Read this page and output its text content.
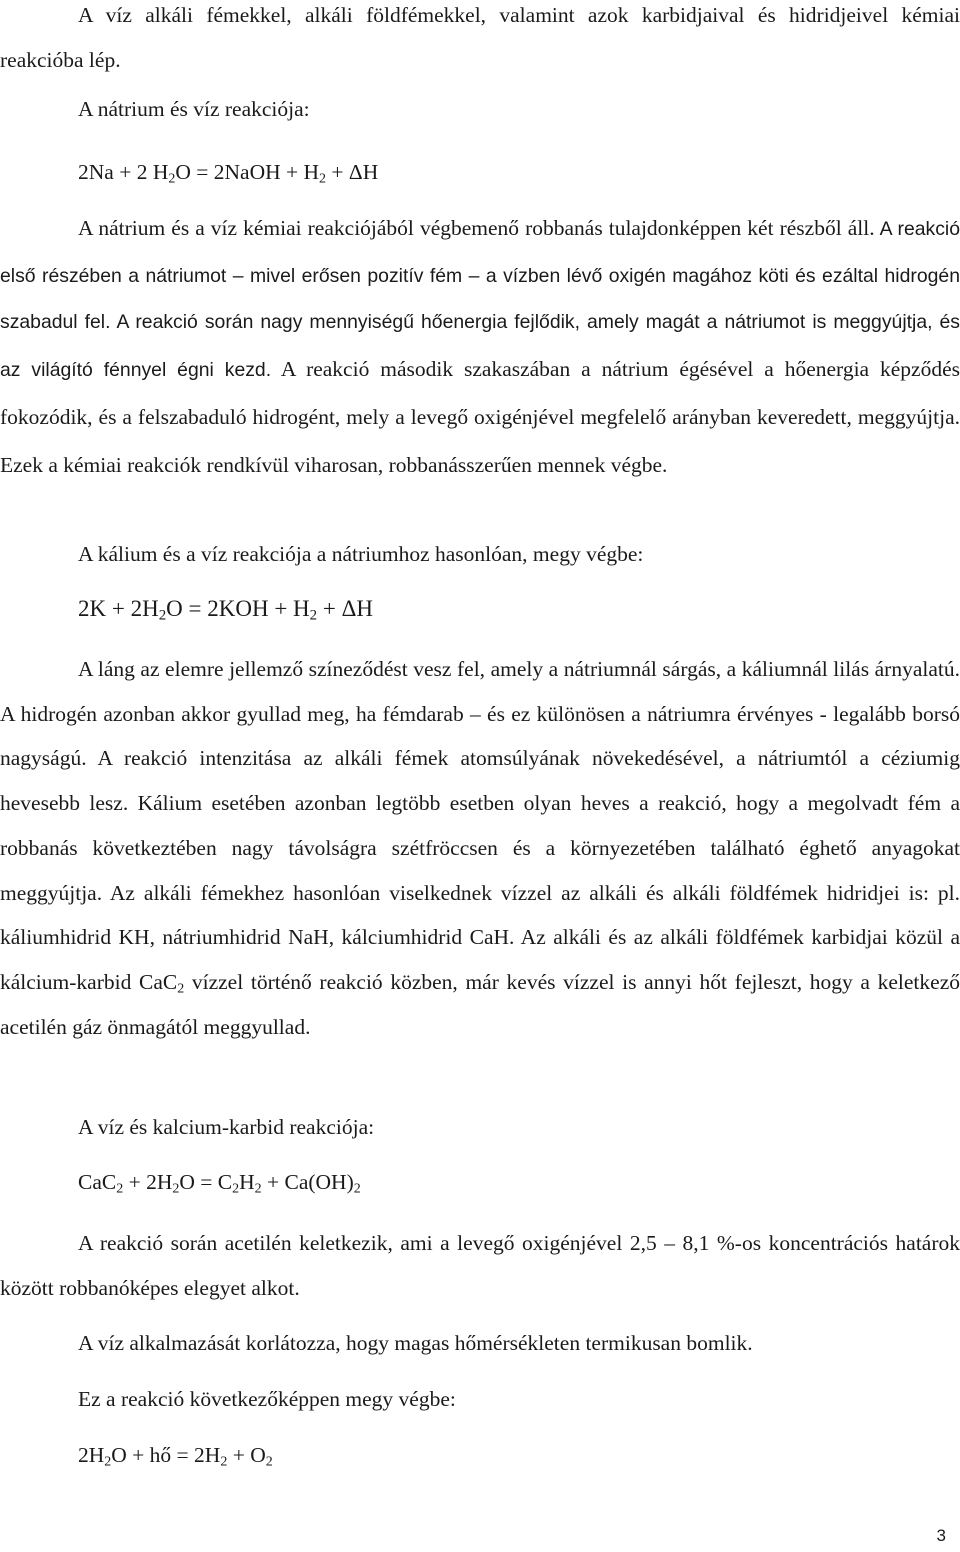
A víz alkáli fémekkel, alkáli földfémekkel, valamint azok karbidjaival és hidridjeivel kémiai reakcióba lép.

A nátrium és víz reakciója:

2Na + 2 $H_2O$ = 2NaOH + $H_2 + \Delta H$

A nátrium és a víz kémiai reakciójából végbemenő robbanás tulajdonképpen két részből áll. A reakció első részében a nátriumot – mivel erősen pozitív fém – a vízben lévő oxigén magához köti és ezáltal hidrogén szabadul fel. A reakció során nagy mennyiségű hőenergia fejlődik, amely magát a nátriumot is meggyújtja, és az világító fénnyel égni kezd. A reakció második szakaszában a nátrium égésével a hőenergia képződés fokozódik, és a felszabaduló hidrogént, mely a levegő oxigénjével megfelelő arányban keveredett, meggyújtja. Ezek a kémiai reakciók rendkívül viharosan, robbanásszerűen mennek végbe.

A kálium és a víz reakciója a nátriumhoz hasonlóan, megy végbe:

$2K + 2H_2O = 2KOH + H_2 + \Delta H$

A láng az elemre jellemző színeződést vesz fel, amely a nátriumnál sárgás, a káliumnál lilás árnyalatú. A hidrogén azonban akkor gyullad meg, ha fémdarab – és ez különösen a nátriumra érvényes - legalább borsó nagyságú. A reakció intenzitása az alkáli fémek atomsúlyának növekedésével, a nátriumtól a céziumig hevesebb lesz. Kálium esetében azonban legtöbb esetben olyan heves a reakció, hogy a megolvadt fém a robbanás következtében nagy távolságra szétfröccsen és a környezetében található éghető anyagokat meggyújtja. Az alkáli fémekhez hasonlóan viselkednek vízzel az alkáli és alkáli földfémek hidridjei is: pl. káliumhidrid KH, nátriumhidrid NaH, kálciumhidrid CaH. Az alkáli és az alkáli földfémek karbidjai közül a kálcium-karbid CaC$_2$ vízzel történő reakció közben, már kevés vízzel is annyi hőt fejleszt, hogy a keletkező acetilén gáz önmagától meggyullad.

A víz és kalcium-karbid reakciója:

$CaC_2 + 2H_2O = C_2H_2 + Ca(OH)_2$

A reakció során acetilén keletkezik, ami a levegő oxigénjével 2,5 – 8,1 %-os koncentrációs határok között robbanóképes elegyet alkot.

A víz alkalmazását korlátozza, hogy magas hőmérsékleten termikusan bomlik.

Ez a reakció következőképpen megy végbe:

$2H_2O$ + hő = $2H_2 + O_2$

3
